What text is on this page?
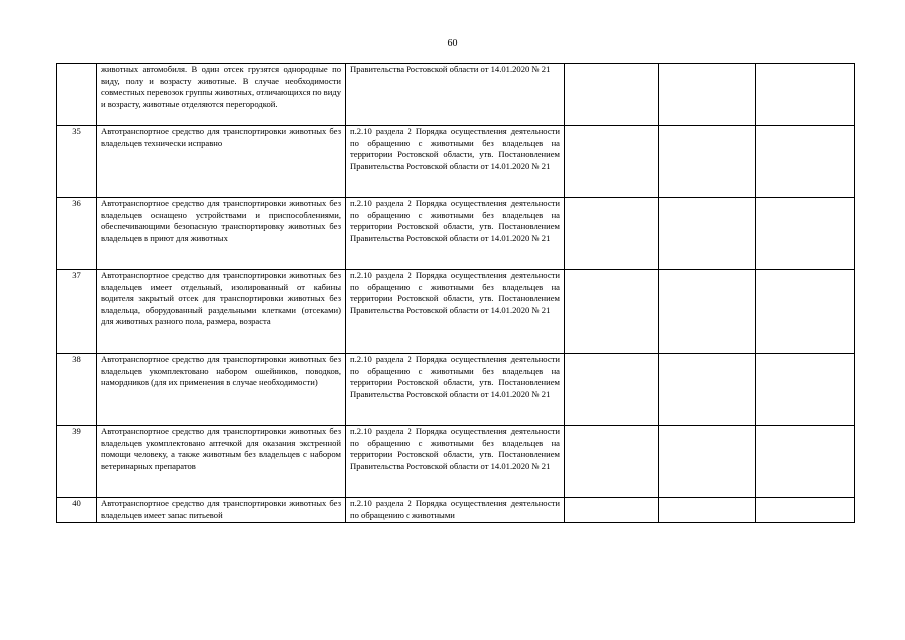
60
	животных автомобиля. В один отсек грузятся однородные по виду, полу и возрасту животные. В случае необходимости совместных перевозок группы животных, отличающихся по виду и возрасту, животные отделяются перегородкой.	Правительства Ростовской области от 14.01.2020 № 21			
35	Автотранспортное средство для транспортировки животных без владельцев технически исправно	п.2.10 раздела 2 Порядка осуществления деятельности по обращению с животными без владельцев на территории Ростовской области, утв. Постановлением Правительства Ростовской области от 14.01.2020 № 21			
36	Автотранспортное средство для транспортировки животных без владельцев оснащено устройствами и приспособлениями, обеспечивающими безопасную транспортировку животных без владельцев в приют для животных	п.2.10 раздела 2 Порядка осуществления деятельности по обращению с животными без владельцев на территории Ростовской области, утв. Постановлением Правительства Ростовской области от 14.01.2020 № 21			
37	Автотранспортное средство для транспортировки животных без владельцев имеет отдельный, изолированный от кабины водителя закрытый отсек для транспортировки животных без владельца, оборудованный раздельными клетками (отсеками) для животных разного пола, размера, возраста	п.2.10 раздела 2 Порядка осуществления деятельности по обращению с животными без владельцев на территории Ростовской области, утв. Постановлением Правительства Ростовской области от 14.01.2020 № 21			
38	Автотранспортное средство для транспортировки животных без владельцев укомплектовано набором ошейников, поводков, намордников (для их применения в случае необходимости)	п.2.10 раздела 2 Порядка осуществления деятельности по обращению с животными без владельцев на территории Ростовской области, утв. Постановлением Правительства Ростовской области от 14.01.2020 № 21			
39	Автотранспортное средство для транспортировки животных без владельцев укомплектовано аптечкой для оказания экстренной помощи человеку, а также животным без владельцев с набором ветеринарных препаратов	п.2.10 раздела 2 Порядка осуществления деятельности по обращению с животными без владельцев на территории Ростовской области, утв. Постановлением Правительства Ростовской области от 14.01.2020 № 21			
40	Автотранспортное средство для транспортировки животных без владельцев имеет запас питьевой	п.2.10 раздела 2 Порядка осуществления деятельности по обращению с животными			
